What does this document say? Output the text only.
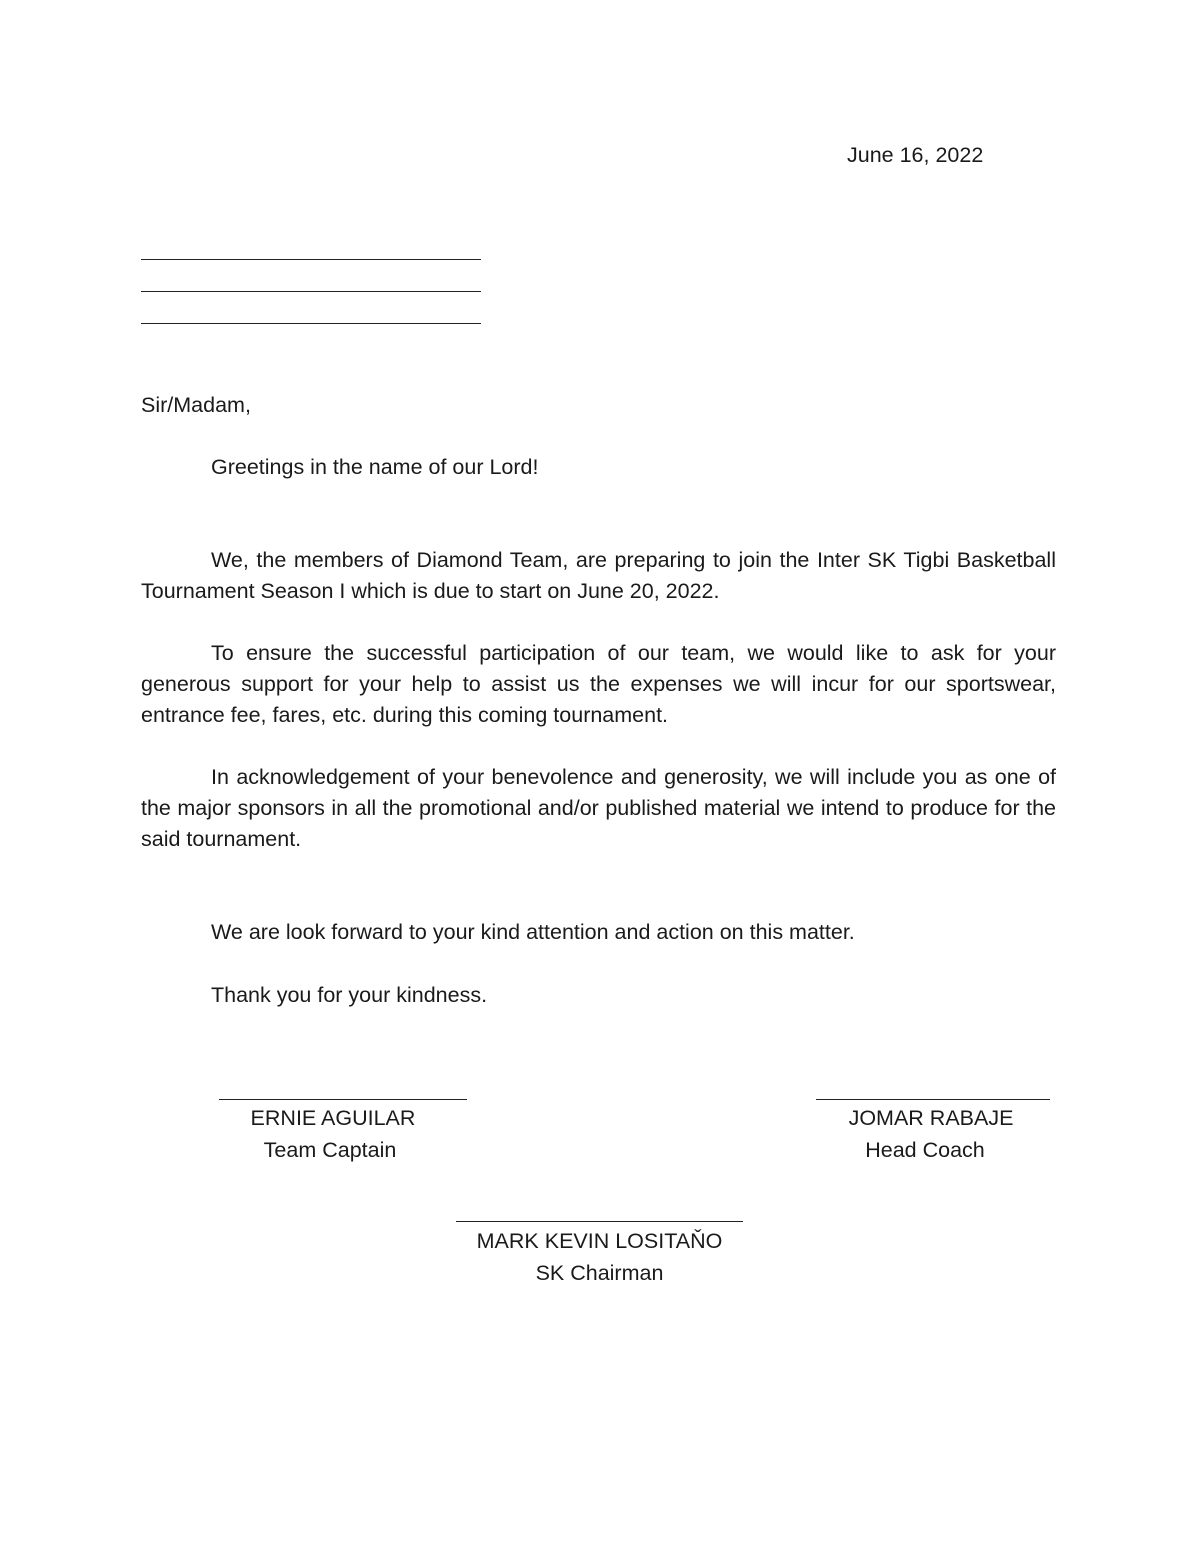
June 16, 2022
Sir/Madam,
Greetings in the name of our Lord!

We, the members of Diamond Team, are preparing to join the Inter SK Tigbi Basketball Tournament Season I which is due to start on June 20, 2022.

To ensure the successful participation of our team, we would like to ask for your generous support for your help to assist us the expenses we will incur for our sportswear, entrance fee, fares, etc. during this coming tournament.

In acknowledgement of your benevolence and generosity, we will include you as one of the major sponsors in all the promotional and/or published material we intend to produce for the said tournament.

We are look forward to your kind attention and action on this matter.
Thank you for your kindness.
ERNIE AGUILAR
Team Captain
JOMAR RABAJE
Head Coach
MARK KEVIN LOSITAŇO
SK Chairman
